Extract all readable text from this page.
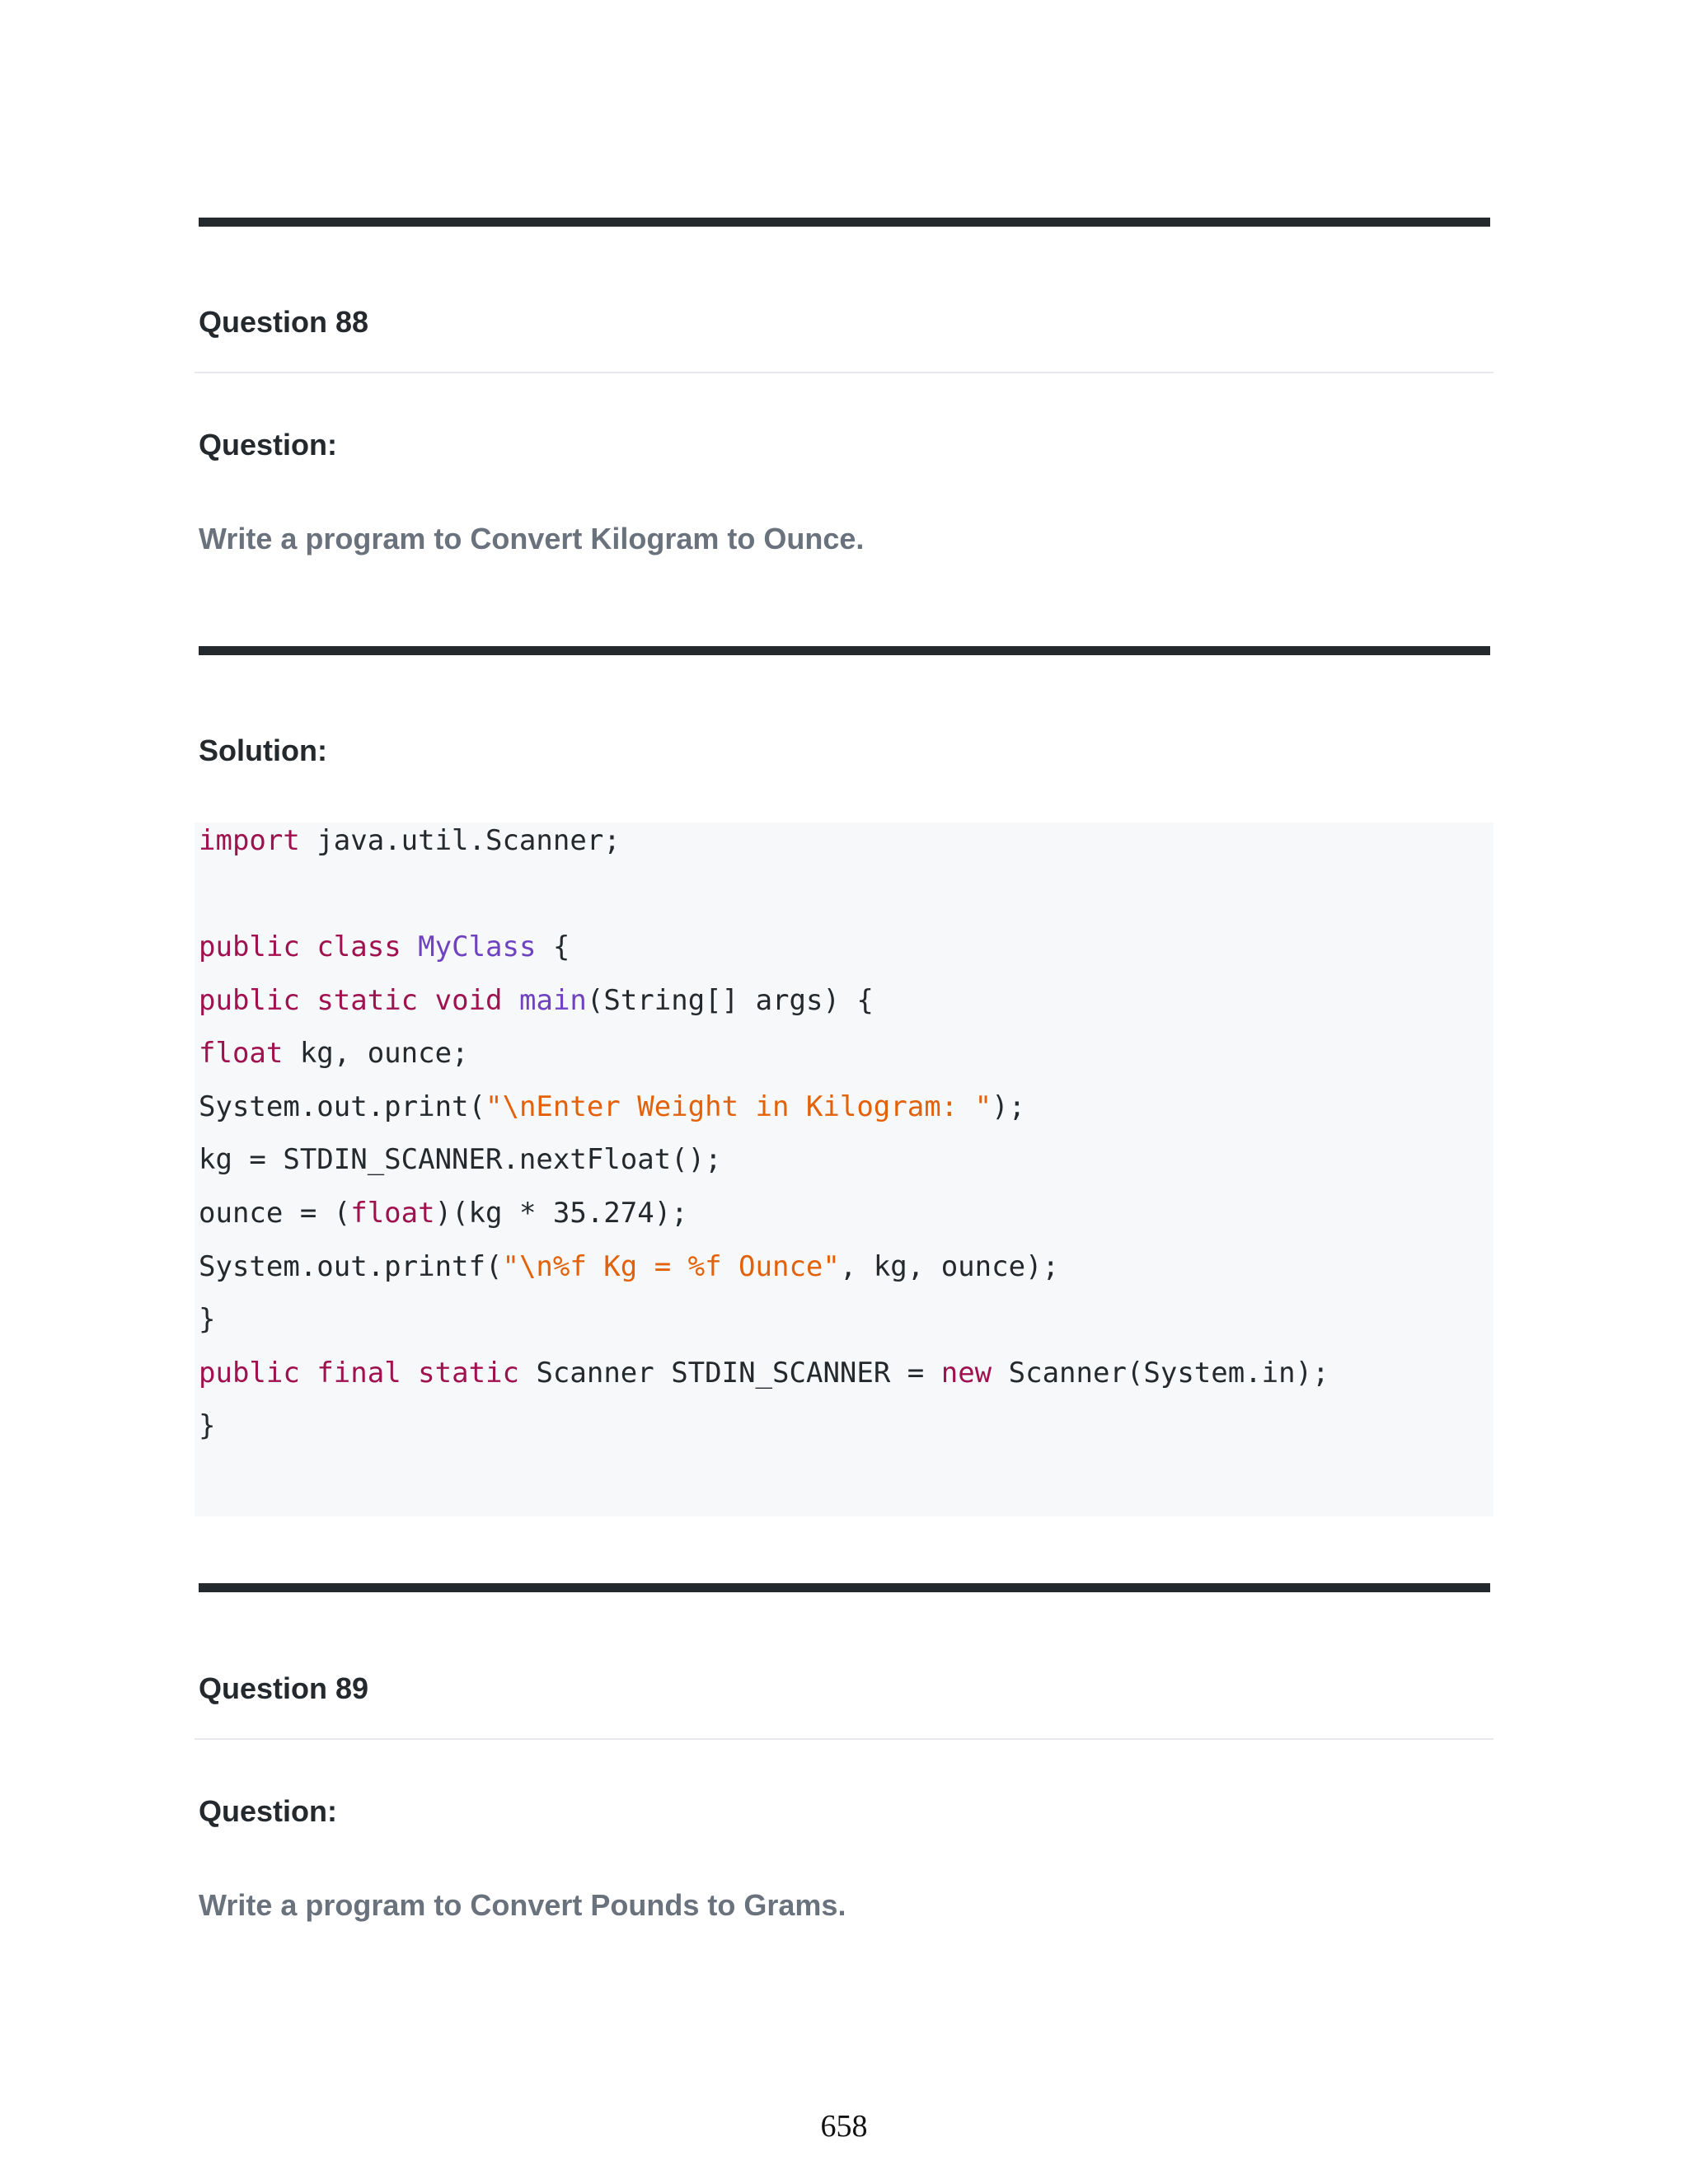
Question 88
Question:
Write a program to Convert Kilogram to Ounce.
Solution:
import java.util.Scanner;
public class MyClass {
public static void main(String[] args) {
float kg, ounce;
System.out.print("\nEnter Weight in Kilogram: ");
kg = STDIN_SCANNER.nextFloat();
ounce = (float)(kg * 35.274);
System.out.printf("\n%f Kg = %f Ounce", kg, ounce);
}
public final static Scanner STDIN_SCANNER = new Scanner(System.in);
}
Question 89
Question:
Write a program to Convert Pounds to Grams.
658
